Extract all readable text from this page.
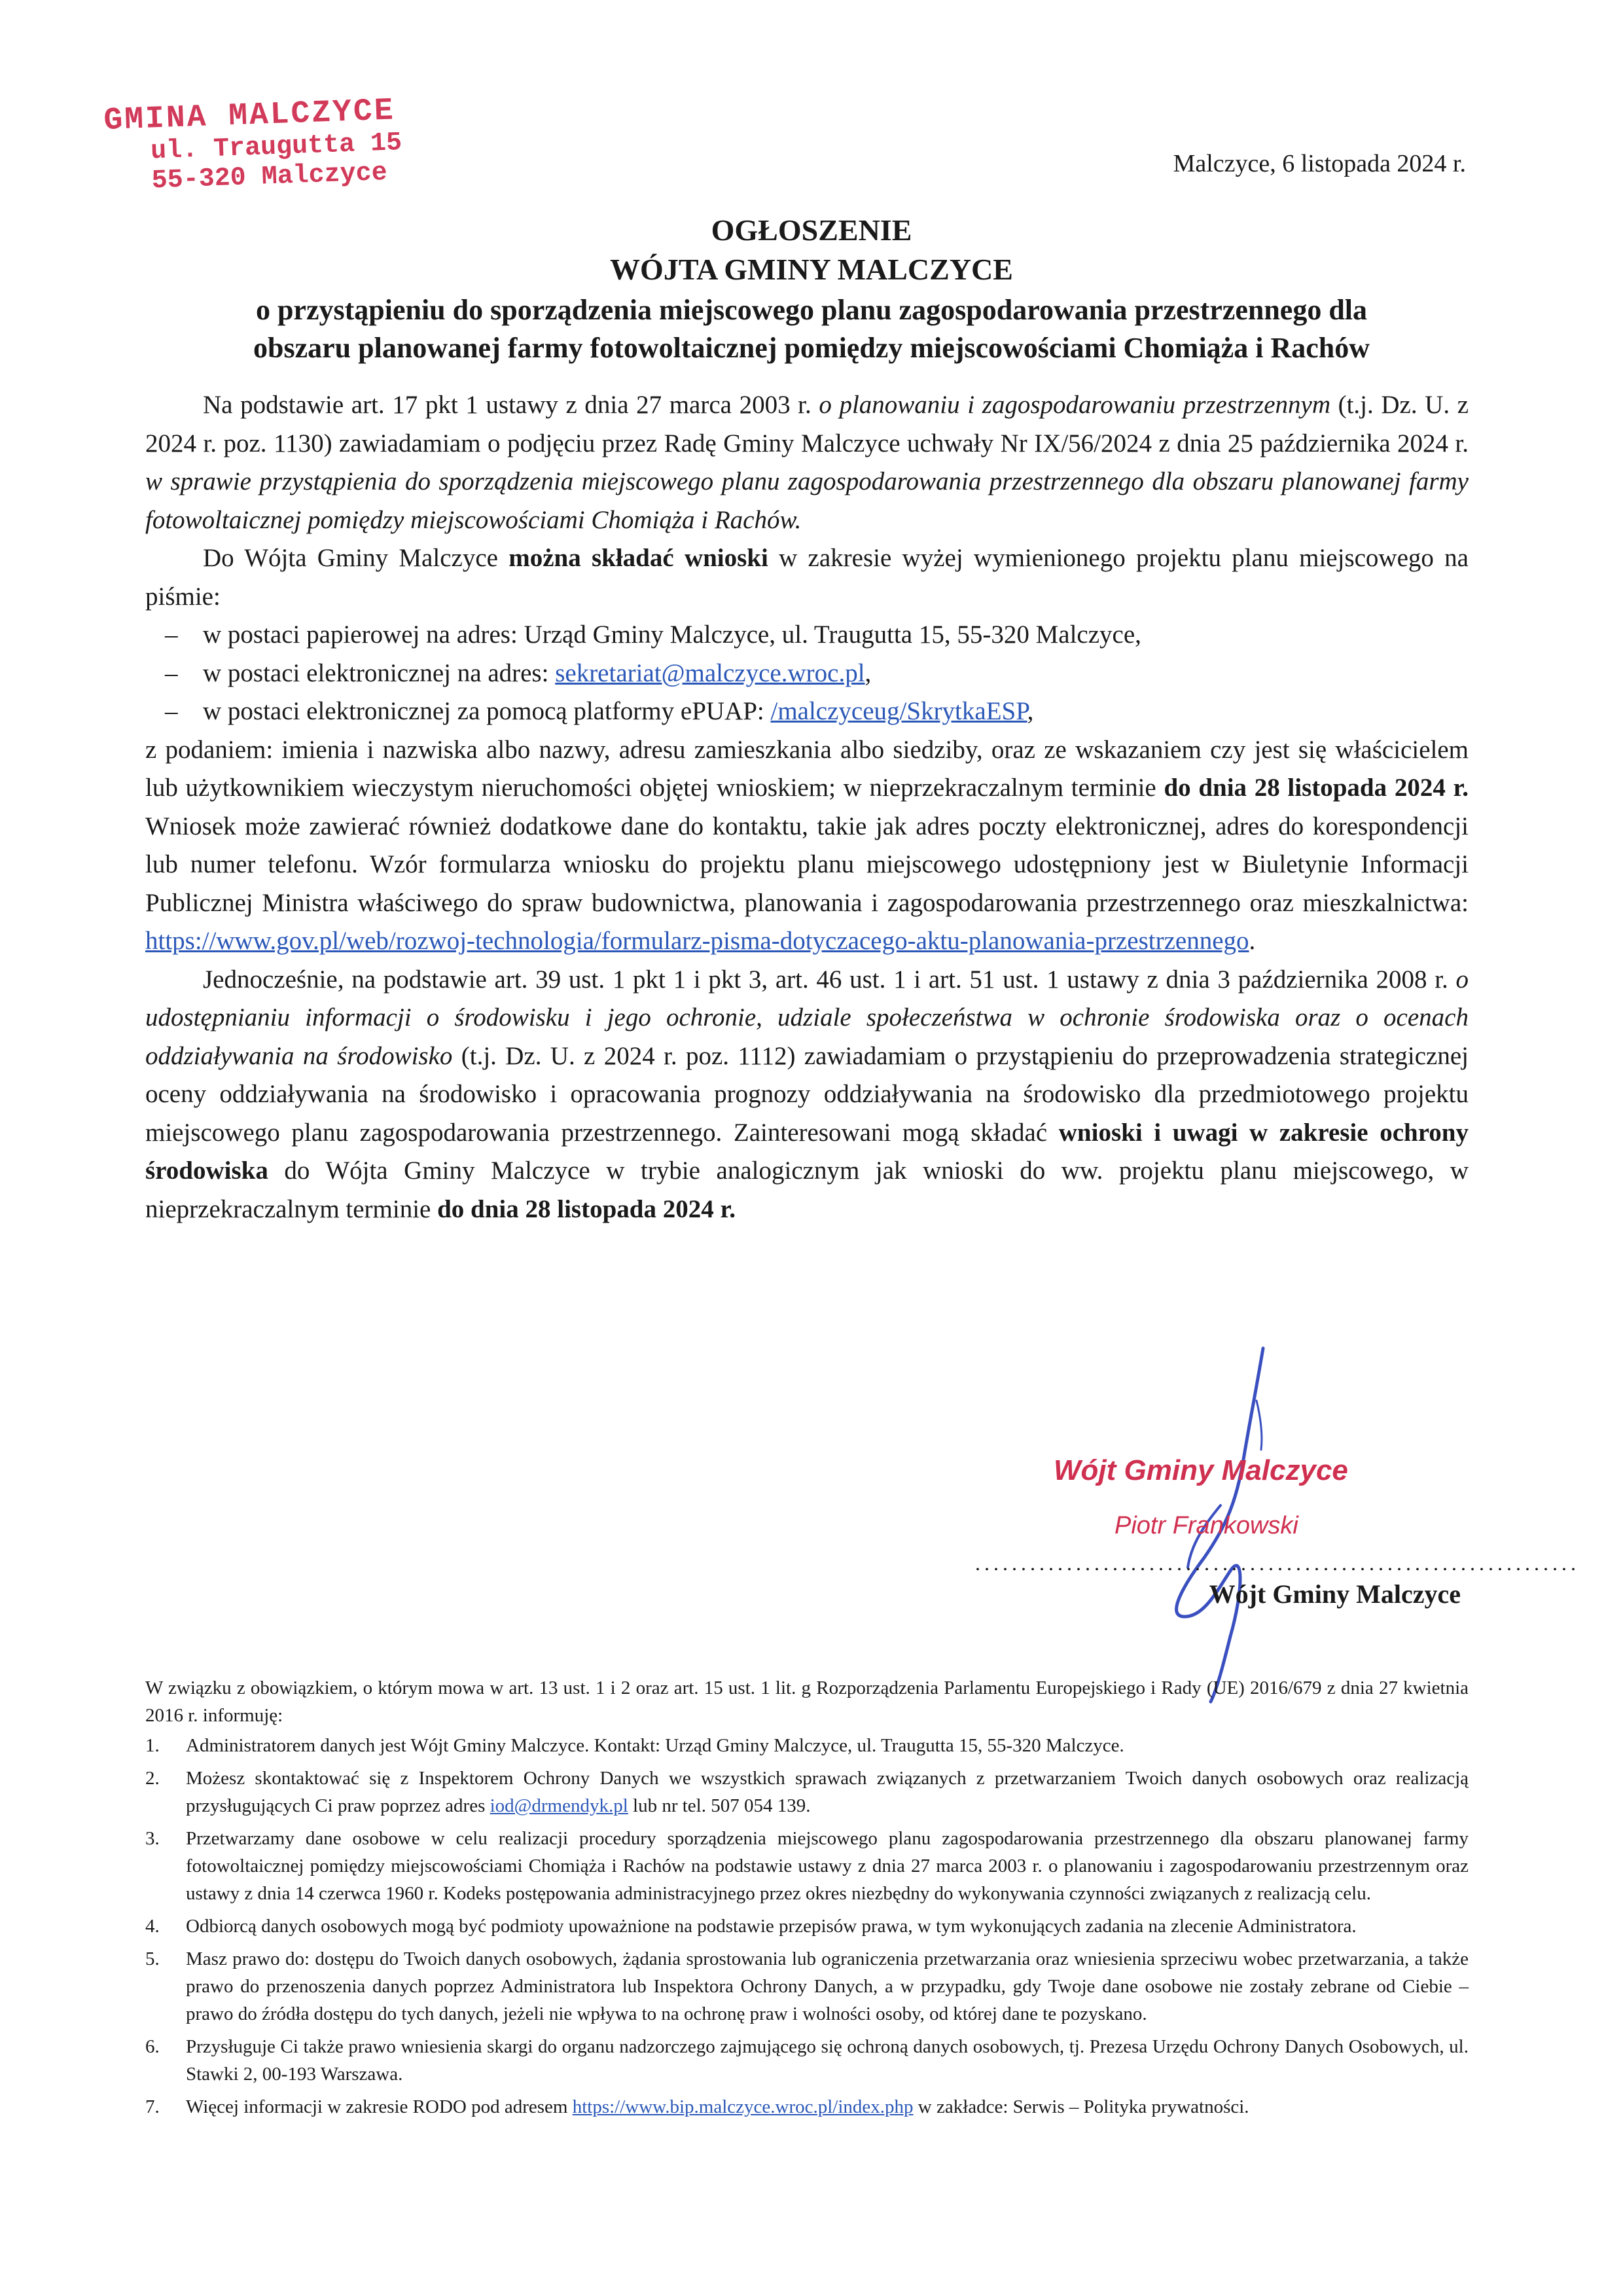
GMINA MALCZYCE
ul. Traugutta 15
55-320 Malczyce	Malczyce, 6 listopada 2024 r.
OGŁOSZENIE
WÓJTA GMINY MALCZYCE
o przystąpieniu do sporządzenia miejscowego planu zagospodarowania przestrzennego dla
obszaru planowanej farmy fotowoltaicznej pomiędzy miejscowościami Chomiąża i Rachów

Na podstawie art. 17 pkt 1 ustawy z dnia 27 marca 2003 r. o planowaniu i zagospodarowaniu przestrzennym (t.j. Dz. U. z 2024 r. poz. 1130) zawiadamiam o podjęciu przez Radę Gminy Malczyce uchwały Nr IX/56/2024 z dnia 25 października 2024 r. w sprawie przystąpienia do sporządzenia miejscowego planu zagospodarowania przestrzennego dla obszaru planowanej farmy fotowoltaicznej pomiędzy miejscowościami Chomiąża i Rachów.

Do Wójta Gminy Malczyce można składać wnioski w zakresie wyżej wymienionego projektu planu miejscowego na piśmie:

– w postaci papierowej na adres: Urząd Gminy Malczyce, ul. Traugutta 15, 55-320 Malczyce,
– w postaci elektronicznej na adres: sekretariat@malczyce.wroc.pl,
– w postaci elektronicznej za pomocą platformy ePUAP: /malczyceug/SkrytkaESP,

z podaniem: imienia i nazwiska albo nazwy, adresu zamieszkania albo siedziby, oraz ze wskazaniem czy jest się właścicielem lub użytkownikiem wieczystym nieruchomości objętej wnioskiem; w nieprzekraczalnym terminie do dnia 28 listopada 2024 r. Wniosek może zawierać również dodatkowe dane do kontaktu, takie jak adres poczty elektronicznej, adres do korespondencji lub numer telefonu. Wzór formularza wniosku do projektu planu miejscowego udostępniony jest w Biuletynie Informacji Publicznej Ministra właściwego do spraw budownictwa, planowania i zagospodarowania przestrzennego oraz mieszkalnictwa: https://www.gov.pl/web/rozwoj-technologia/formularz-pisma-dotyczacego-aktu-planowania-przestrzennego.

Jednocześnie, na podstawie art. 39 ust. 1 pkt 1 i pkt 3, art. 46 ust. 1 i art. 51 ust. 1 ustawy z dnia 3 października 2008 r. o udostępnianiu informacji o środowisku i jego ochronie, udziale społeczeństwa w ochronie środowiska oraz o ocenach oddziaływania na środowisko (t.j. Dz. U. z 2024 r. poz. 1112) zawiadamiam o przystąpieniu do przeprowadzenia strategicznej oceny oddziaływania na środowisko i opracowania prognozy oddziaływania na środowisko dla przedmiotowego projektu miejscowego planu zagospodarowania przestrzennego. Zainteresowani mogą składać wnioski i uwagi w zakresie ochrony środowiska do Wójta Gminy Malczyce w trybie analogicznym jak wnioski do ww. projektu planu miejscowego, w nieprzekraczalnym terminie do dnia 28 listopada 2024 r.

Wójt Gminy Malczyce
Piotr Frankowski
..................................................................
Wójt Gminy Malczyce

W związku z obowiązkiem, o którym mowa w art. 13 ust. 1 i 2 oraz art. 15 ust. 1 lit. g Rozporządzenia Parlamentu Europejskiego i Rady (UE) 2016/679 z dnia 27 kwietnia 2016 r. informuję:

1. Administratorem danych jest Wójt Gminy Malczyce. Kontakt: Urząd Gminy Malczyce, ul. Traugutta 15, 55-320 Malczyce.
2. Możesz skontaktować się z Inspektorem Ochrony Danych we wszystkich sprawach związanych z przetwarzaniem Twoich danych osobowych oraz realizacją przysługujących Ci praw poprzez adres iod@drmendyk.pl lub nr tel. 507 054 139.
3. Przetwarzamy dane osobowe w celu realizacji procedury sporządzenia miejscowego planu zagospodarowania przestrzennego dla obszaru planowanej farmy fotowoltaicznej pomiędzy miejscowościami Chomiąża i Rachów na podstawie ustawy z dnia 27 marca 2003 r. o planowaniu i zagospodarowaniu przestrzennym oraz ustawy z dnia 14 czerwca 1960 r. Kodeks postępowania administracyjnego przez okres niezbędny do wykonywania czynności związanych z realizacją celu.
4. Odbiorcą danych osobowych mogą być podmioty upoważnione na podstawie przepisów prawa, w tym wykonujących zadania na zlecenie Administratora.
5. Masz prawo do: dostępu do Twoich danych osobowych, żądania sprostowania lub ograniczenia przetwarzania oraz wniesienia sprzeciwu wobec przetwarzania, a także prawo do przenoszenia danych poprzez Administratora lub Inspektora Ochrony Danych, a w przypadku, gdy Twoje dane osobowe nie zostały zebrane od Ciebie – prawo do źródła dostępu do tych danych, jeżeli nie wpływa to na ochronę praw i wolności osoby, od której dane te pozyskano.
6. Przysługuje Ci także prawo wniesienia skargi do organu nadzorczego zajmującego się ochroną danych osobowych, tj. Prezesa Urzędu Ochrony Danych Osobowych, ul. Stawki 2, 00-193 Warszawa.
7. Więcej informacji w zakresie RODO pod adresem https://www.bip.malczyce.wroc.pl/index.php w zakładce: Serwis – Polityka prywatności.
